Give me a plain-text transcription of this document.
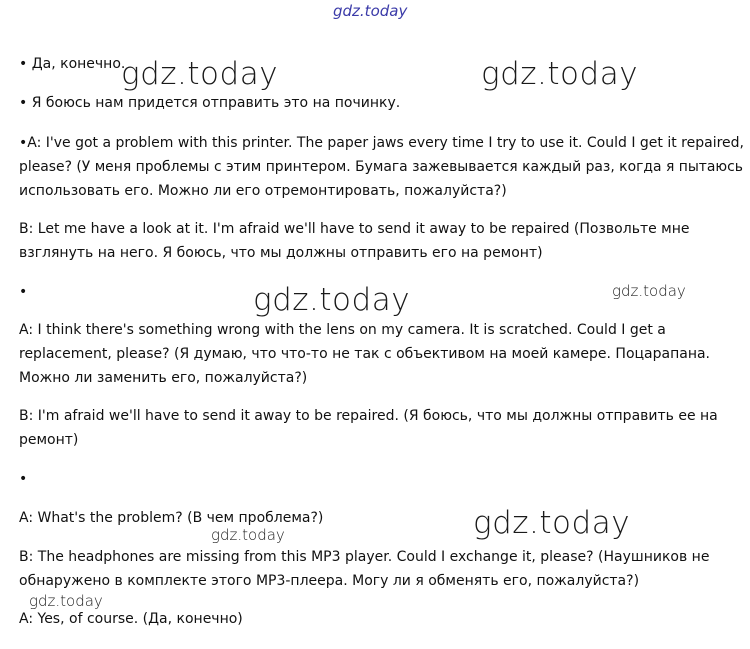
gdz.today
gdz.today	gdz.today
gdz.today	gdz.today
gdz.today
gdz.today
gdz.today
• Да, конечно.
• Я боюсь нам придется отправить это на починку.
•A: I've got a problem with this printer. The paper jaws every time I try to use it. Could I get it repaired,
please? (У меня проблемы с этим принтером. Бумага зажевывается каждый раз, когда я пытаюсь
использовать его. Можно ли его отремонтировать, пожалуйста?)
B: Let me have a look at it. I'm afraid we'll have to send it away to be repaired (Позвольте мне
взглянуть на него. Я боюсь, что мы должны отправить его на ремонт)
•
A: I think there's something wrong with the lens on my camera. It is scratched. Could I get a
replacement, please? (Я думаю, что что-то не так с объективом на моей камере. Поцарапана.
Можно ли заменить его, пожалуйста?)
B: I'm afraid we'll have to send it away to be repaired. (Я боюсь, что мы должны отправить ее на
ремонт)
•
A: What's the problem? (В чем проблема?)
B: The headphones are missing from this MP3 player. Could I exchange it, please? (Наушников не
обнаружено в комплекте этого MP3-плеера. Могу ли я обменять его, пожалуйста?)
A: Yes, of course. (Да, конечно)
